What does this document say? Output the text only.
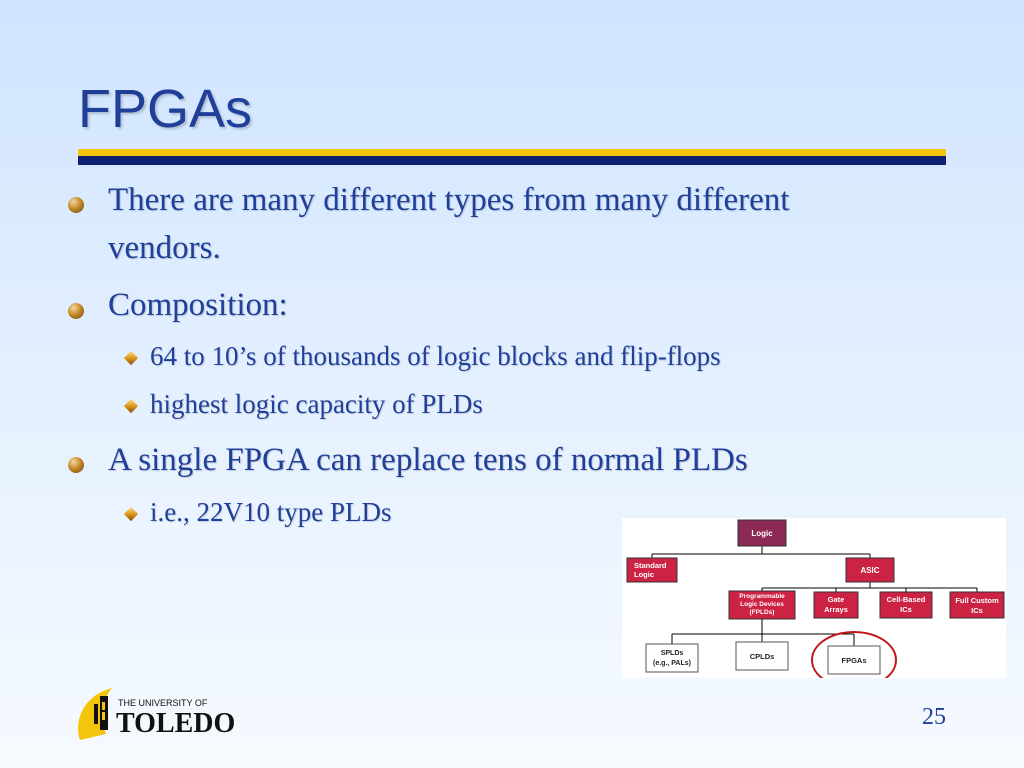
FPGAs
There are many different types from many different
vendors.
Composition:
64 to 10’s of thousands of logic blocks and flip-flops
highest logic capacity of PLDs
A single FPGA can replace tens of normal PLDs
i.e., 22V10 type PLDs
Logic
Standard
Logic	ASIC
Programmable
Logic Devices
(FPLDs)
Gate
Arrays
Cell-Based
ICs
Full Custom
ICs
SPLDs
(e.g., PALs)
CPLDs	FPGAs
THE UNIVERSITY OF
TOLEDO	25
